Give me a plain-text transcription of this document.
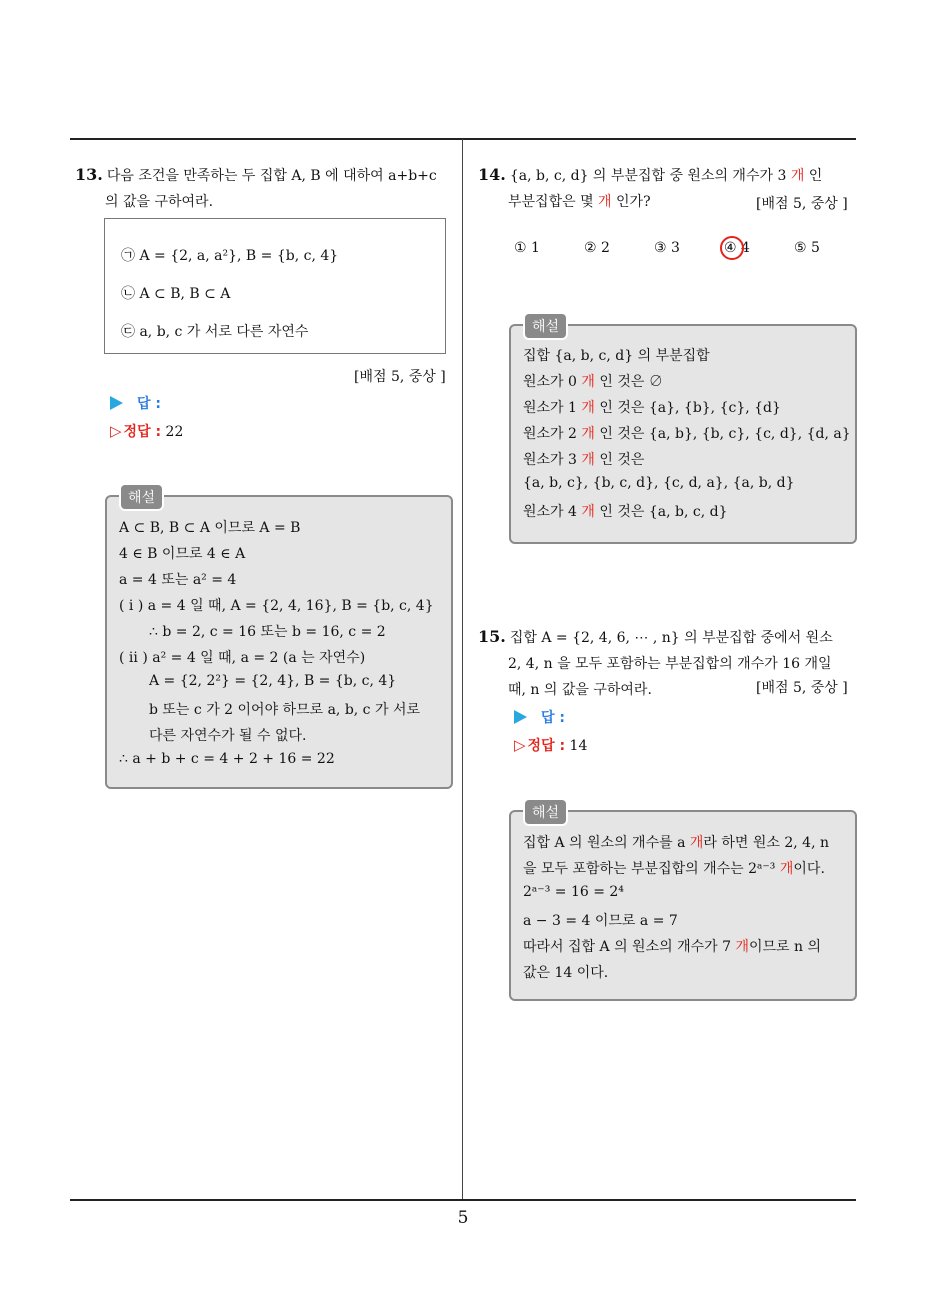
5
13. 다음 조건을 만족하는 두 집합 A, B 에 대하여 a+b+c
의 값을 구하여라.
㉠ A = {2, a, a²}, B = {b, c, 4}
㉡ A ⊂ B, B ⊂ A
㉢ a, b, c 가 서로 다른 자연수
[배점 5, 중상 ]
답 :
▷ 정답 : 22
해설
A ⊂ B, B ⊂ A 이므로 A = B
4 ∈ B 이므로 4 ∈ A
a = 4 또는 a² = 4
( i ) a = 4 일 때, A = {2, 4, 16}, B = {b, c, 4}
∴ b = 2, c = 16 또는 b = 16, c = 2
( ii ) a² = 4 일 때, a = 2 (a 는 자연수)
A = {2, 2²} = {2, 4}, B = {b, c, 4}
b 또는 c 가 2 이어야 하므로 a, b, c 가 서로
다른 자연수가 될 수 없다.
∴ a + b + c = 4 + 2 + 16 = 22
14. {a, b, c, d} 의 부분집합 중 원소의 개수가 3 개 인
부분집합은 몇 개 인가?	[배점 5, 중상 ]
① 1	② 2	③ 3	④ 4	⑤ 5
해설
집합 {a, b, c, d} 의 부분집합
원소가 0 개 인 것은 ∅
원소가 1 개 인 것은 {a}, {b}, {c}, {d}
원소가 2 개 인 것은 {a, b}, {b, c}, {c, d}, {d, a}
원소가 3 개 인 것은
{a, b, c}, {b, c, d}, {c, d, a}, {a, b, d}
원소가 4 개 인 것은 {a, b, c, d}
15. 집합 A = {2, 4, 6, ⋯ , n} 의 부분집합 중에서 원소
2, 4, n 을 모두 포함하는 부분집합의 개수가 16 개일
때, n 의 값을 구하여라.	[배점 5, 중상 ]
답 :
▷ 정답 : 14
해설
집합 A 의 원소의 개수를 a 개라 하면 원소 2, 4, n
을 모두 포함하는 부분집합의 개수는 2ᵃ⁻³ 개이다.
2ᵃ⁻³ = 16 = 2⁴
a − 3 = 4 이므로 a = 7
따라서 집합 A 의 원소의 개수가 7 개이므로 n 의
값은 14 이다.
